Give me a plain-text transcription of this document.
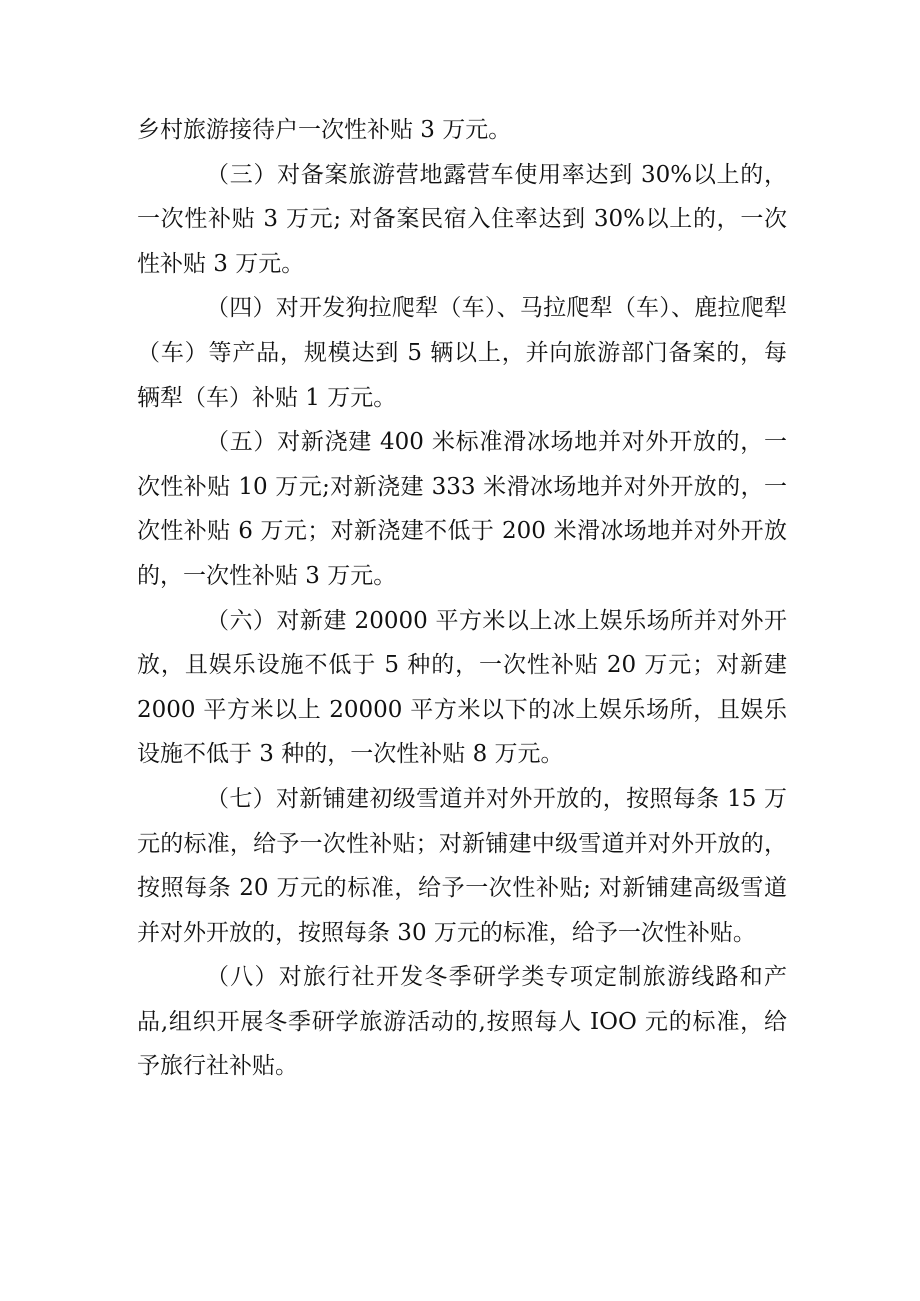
乡村旅游接待户一次性补贴 3 万元。

（三）对备案旅游营地露营车使用率达到 30%以上的，一次性补贴 3 万元; 对备案民宿入住率达到 30%以上的，一次性补贴 3 万元。

（四）对开发狗拉爬犁（车）、马拉爬犁（车）、鹿拉爬犁（车）等产品，规模达到 5 辆以上，并向旅游部门备案的，每辆犁（车）补贴 1 万元。

（五）对新浇建 400 米标准滑冰场地并对外开放的，一次性补贴 10 万元;对新浇建 333 米滑冰场地并对外开放的，一次性补贴 6 万元；对新浇建不低于 200 米滑冰场地并对外开放的，一次性补贴 3 万元。

（六）对新建 20000 平方米以上冰上娱乐场所并对外开放，且娱乐设施不低于 5 种的，一次性补贴 20 万元；对新建 2000 平方米以上 20000 平方米以下的冰上娱乐场所，且娱乐设施不低于 3 种的，一次性补贴 8 万元。

（七）对新铺建初级雪道并对外开放的，按照每条 15 万元的标准，给予一次性补贴；对新铺建中级雪道并对外开放的，按照每条 20 万元的标准，给予一次性补贴; 对新铺建高级雪道并对外开放的，按照每条 30 万元的标准，给予一次性补贴。

（八）对旅行社开发冬季研学类专项定制旅游线路和产品,组织开展冬季研学旅游活动的,按照每人 IOO 元的标准，给予旅行社补贴。
